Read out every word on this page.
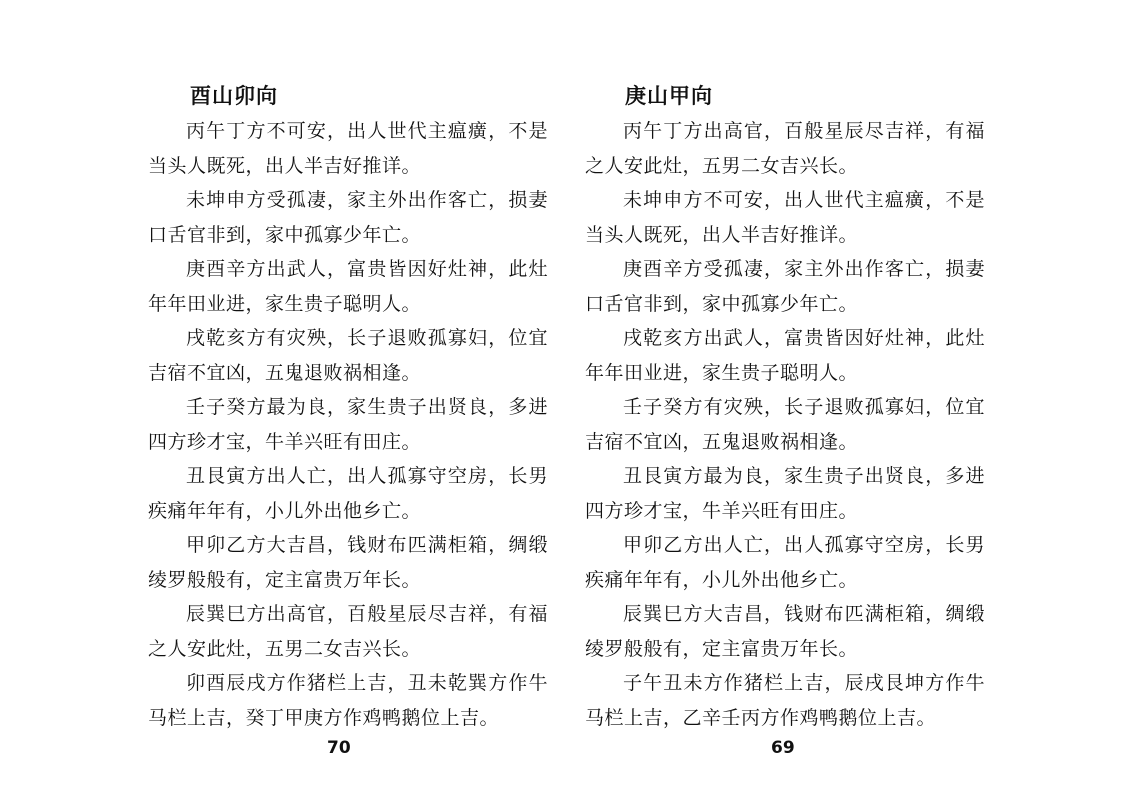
酉山卯向

丙午丁方不可安，出人世代主瘟癀，不是当头人既死，出人半吉好推详。

未坤申方受孤凄，家主外出作客亡，损妻口舌官非到，家中孤寡少年亡。

庚酉辛方出武人，富贵皆因好灶神，此灶年年田业进，家生贵子聪明人。

戌乾亥方有灾殃，长子退败孤寡妇，位宜吉宿不宜凶，五鬼退败祸相逢。

壬子癸方最为良，家生贵子出贤良，多进四方珍才宝，牛羊兴旺有田庄。

丑艮寅方出人亡，出人孤寡守空房，长男疾痛年年有，小儿外出他乡亡。

甲卯乙方大吉昌，钱财布匹满柜箱，绸缎绫罗般般有，定主富贵万年长。

辰巽巳方出高官，百般星辰尽吉祥，有福之人安此灶，五男二女吉兴长。

卯酉辰戌方作猪栏上吉，丑未乾巽方作牛马栏上吉，癸丁甲庚方作鸡鸭鹅位上吉。

70
庚山甲向

丙午丁方出高官，百般星辰尽吉祥，有福之人安此灶，五男二女吉兴长。

未坤申方不可安，出人世代主瘟癀，不是当头人既死，出人半吉好推详。

庚酉辛方受孤凄，家主外出作客亡，损妻口舌官非到，家中孤寡少年亡。

戌乾亥方出武人，富贵皆因好灶神，此灶年年田业进，家生贵子聪明人。

壬子癸方有灾殃，长子退败孤寡妇，位宜吉宿不宜凶，五鬼退败祸相逢。

丑艮寅方最为良，家生贵子出贤良，多进四方珍才宝，牛羊兴旺有田庄。

甲卯乙方出人亡，出人孤寡守空房，长男疾痛年年有，小儿外出他乡亡。

辰巽巳方大吉昌，钱财布匹满柜箱，绸缎绫罗般般有，定主富贵万年长。

子午丑未方作猪栏上吉，辰戌艮坤方作牛马栏上吉，乙辛壬丙方作鸡鸭鹅位上吉。

69
